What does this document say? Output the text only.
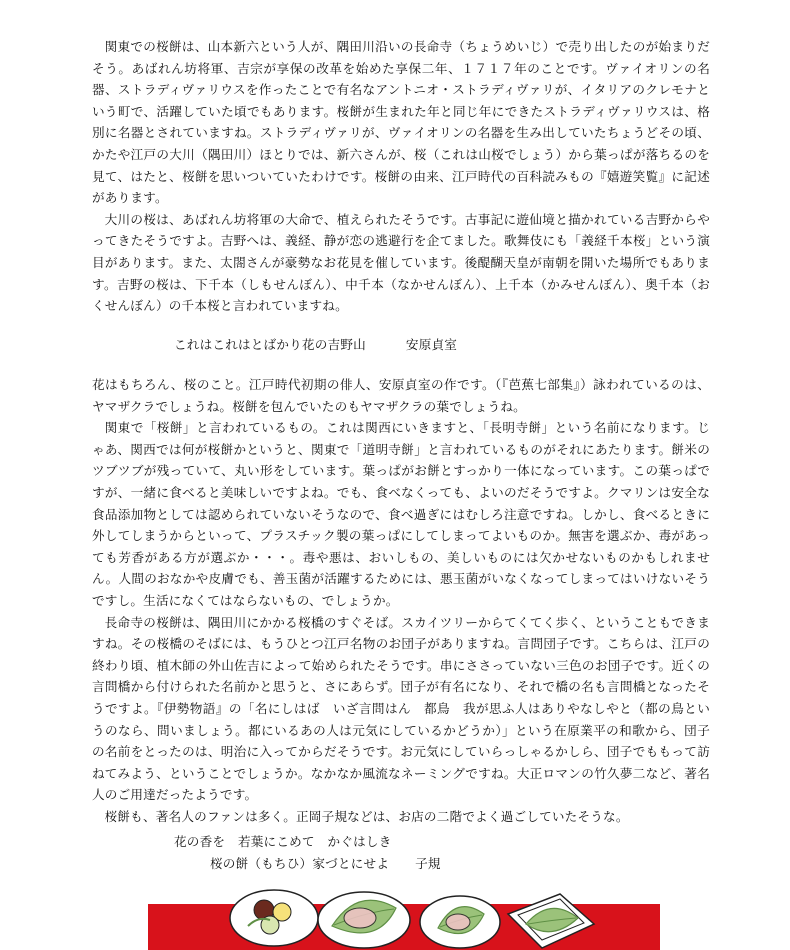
関東での桜餅は、山本新六という人が、隅田川沿いの長命寺（ちょうめいじ）で売り出したのが始まりだそう。あばれん坊将軍、吉宗が享保の改革を始めた享保二年、１７１７年のことです。ヴァイオリンの名器、ストラディヴァリウスを作ったことで有名なアントニオ・ストラディヴァリが、イタリアのクレモナという町で、活躍していた頃でもあります。桜餅が生まれた年と同じ年にできたストラディヴァリウスは、格別に名器とされていますね。ストラディヴァリが、ヴァイオリンの名器を生み出していたちょうどその頃、かたや江戸の大川（隅田川）ほとりでは、新六さんが、桜（これは山桜でしょう）から葉っぱが落ちるのを見て、はたと、桜餅を思いついていたわけです。桜餅の由来、江戸時代の百科読みもの『嬉遊笑覧』に記述があります。

大川の桜は、あばれん坊将軍の大命で、植えられたそうです。古事記に遊仙境と描かれている吉野からやってきたそうですよ。吉野へは、義経、静が恋の逃避行を企てました。歌舞伎にも「義経千本桜」という演目があります。また、太閤さんが豪勢なお花見を催しています。後醍醐天皇が南朝を開いた場所でもあります。吉野の桜は、下千本（しもせんぼん）、中千本（なかせんぼん）、上千本（かみせんぼん）、奥千本（おくせんぼん）の千本桜と言われていますね。

これはこれはとばかり花の吉野山	安原貞室

花はもちろん、桜のこと。江戸時代初期の俳人、安原貞室の作です。（『芭蕉七部集』）詠われているのは、ヤマザクラでしょうね。桜餅を包んでいたのもヤマザクラの葉でしょうね。

関東で「桜餅」と言われているもの。これは関西にいきますと、「長明寺餅」という名前になります。じゃあ、関西では何が桜餅かというと、関東で「道明寺餅」と言われているものがそれにあたります。餅米のツブツブが残っていて、丸い形をしています。葉っぱがお餅とすっかり一体になっています。この葉っぱですが、一緒に食べると美味しいですよね。でも、食べなくっても、よいのだそうですよ。クマリンは安全な食品添加物としては認められていないそうなので、食べ過ぎにはむしろ注意ですね。しかし、食べるときに外してしまうからといって、プラスチック製の葉っぱにしてしまってよいものか。無害を選ぶか、毒があっても芳香がある方が選ぶか・・・。毒や悪は、おいしもの、美しいものには欠かせないものかもしれません。人間のおなかや皮膚でも、善玉菌が活躍するためには、悪玉菌がいなくなってしまってはいけないそうですし。生活になくてはならないもの、でしょうか。

長命寺の桜餅は、隅田川にかかる桜橋のすぐそば。スカイツリーからてくてく歩く、ということもできますね。その桜橋のそばには、もうひとつ江戸名物のお団子がありますね。言問団子です。こちらは、江戸の終わり頃、植木師の外山佐吉によって始められたそうです。串にささっていない三色のお団子です。近くの言問橋から付けられた名前かと思うと、さにあらず。団子が有名になり、それで橋の名も言問橋となったそうですよ。『伊勢物語』の「名にしはば　いざ言問はん　都鳥　我が思ふ人はありやなしやと（都の鳥というのなら、問いましょう。都にいるあの人は元気にしているかどうか）」という在原業平の和歌から、団子の名前をとったのは、明治に入ってからだそうです。お元気にしていらっしゃるかしら、団子でももって訪ねてみよう、ということでしょうか。なかなか風流なネーミングですね。大正ロマンの竹久夢二など、著名人のご用達だったようです。

桜餅も、著名人のファンは多く。正岡子規などは、お店の二階でよく過ごしていたそうな。

花の香を　若葉にこめて　かぐはしき
桜の餅（もちひ）家づとにせよ 子規
